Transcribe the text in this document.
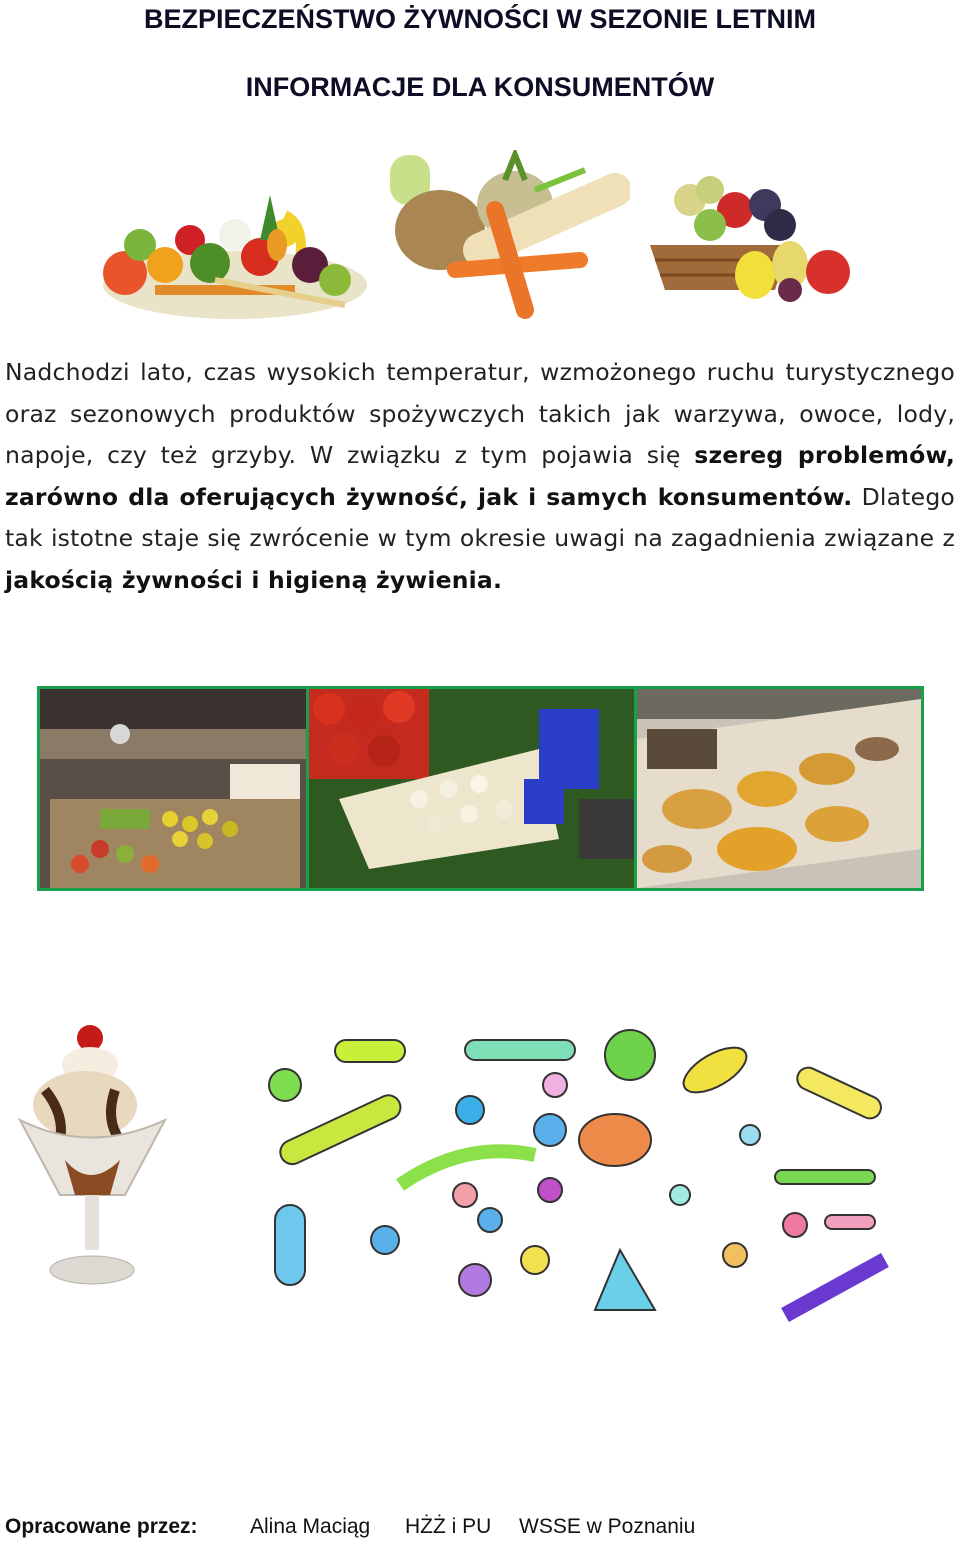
BEZPIECZEŃSTWO ŻYWNOŚCI W SEZONIE LETNIM
INFORMACJE DLA KONSUMENTÓW
Nadchodzi lato, czas wysokich temperatur, wzmożonego ruchu turystycznego oraz sezonowych produktów spożywczych takich jak warzywa, owoce, lody, napoje, czy też grzyby. W związku z tym pojawia się szereg problemów, zarówno dla oferujących żywność, jak i samych konsumentów. Dlatego tak istotne staje się zwrócenie w tym okresie uwagi na zagadnienia związane z jakością żywności i higieną żywienia.
Opracowane przez: Alina Maciąg HŻŻ i PU WSSE w Poznaniu
